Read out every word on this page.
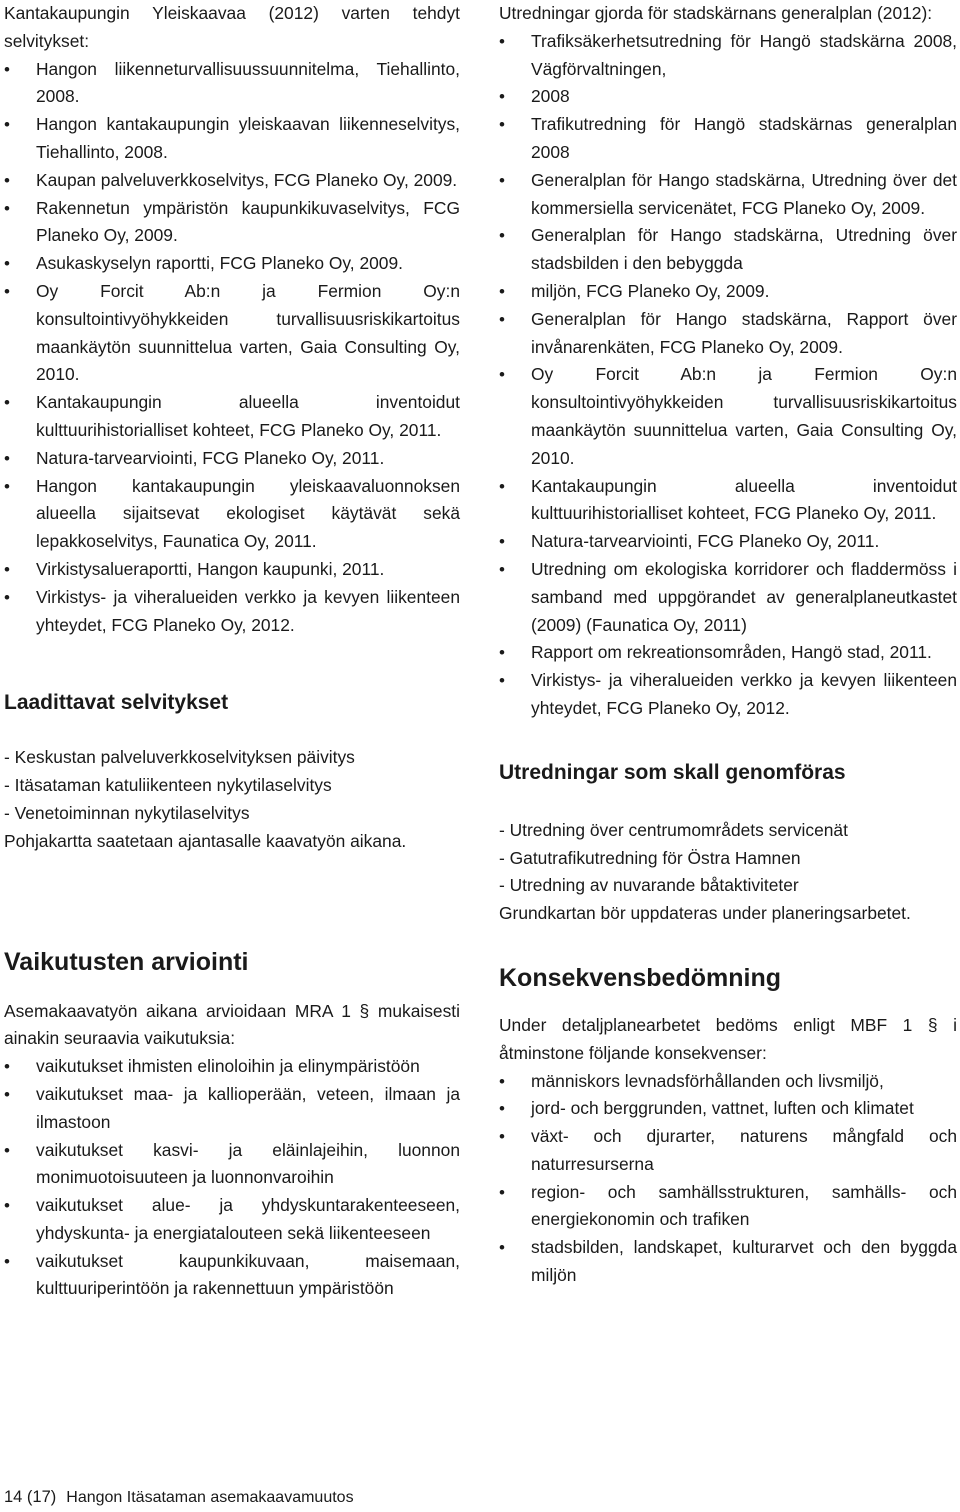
Kantakaupungin Yleiskaavaa (2012) varten tehdyt selvitykset:

• Hangon liikenneturvallisuussuunnitelma, Tiehallinto, 2008.
• Hangon kantakaupungin yleiskaavan liikenneselvitys, Tiehallinto, 2008.
• Kaupan palveluverkkoselvitys, FCG Planeko Oy, 2009.
• Rakennetun ympäristön kaupunkikuvaselvitys, FCG Planeko Oy, 2009.
• Asukaskyselyn raportti, FCG Planeko Oy, 2009.
• Oy Forcit Ab:n ja Fermion Oy:n konsultointivyöhykkeiden turvallisuusriskikartoitus maankäytön suunnittelua varten, Gaia Consulting Oy, 2010.
• Kantakaupungin alueella inventoidut kulttuurihistorialliset kohteet, FCG Planeko Oy, 2011.
• Natura-tarvearviointi, FCG Planeko Oy, 2011.
• Hangon kantakaupungin yleiskaavaluonnoksen alueella sijaitsevat ekologiset käytävät sekä lepakkoselvitys, Faunatica Oy, 2011.
• Virkistysalueraportti, Hangon kaupunki, 2011.
• Virkistys- ja viheralueiden verkko ja kevyen liikenteen yhteydet, FCG Planeko Oy, 2012.
Laadittavat selvitykset

- Keskustan palveluverkkoselvityksen päivitys

- Itäsataman katuliikenteen nykytilaselvitys

- Venetoiminnan nykytilaselvitys

Pohjakartta saatetaan ajantasalle kaavatyön aikana.

Vaikutusten arviointi

Asemakaavatyön aikana arvioidaan MRA 1 § mukaisesti ainakin seuraavia vaikutuksia:

• vaikutukset ihmisten elinoloihin ja elinympäristöön
• vaikutukset maa- ja kallioperään, veteen, ilmaan ja ilmastoon
• vaikutukset kasvi- ja eläinlajeihin, luonnon monimuotoisuuteen ja luonnonvaroihin
• vaikutukset alue- ja yhdyskuntarakenteeseen, yhdyskunta- ja energiatalouteen sekä liikenteeseen
• vaikutukset kaupunkikuvaan, maisemaan, kulttuuriperintöön ja rakennettuun ympäristöön

Utredningar gjorda för stadskärnans generalplan (2012):

• Trafiksäkerhetsutredning för Hangö stadskärna 2008, Vägförvaltningen,
• 2008
• Trafikutredning för Hangö stadskärnas generalplan 2008
• Generalplan för Hango stadskärna, Utredning över det kommersiella servicenätet, FCG Planeko Oy, 2009.
• Generalplan för Hango stadskärna, Utredning över stadsbilden i den bebyggda
• miljön, FCG Planeko Oy, 2009.
• Generalplan för Hango stadskärna, Rapport över invånarenkäten, FCG Planeko Oy, 2009.
• Oy Forcit Ab:n ja Fermion Oy:n konsultointivyöhykkeiden turvallisuusriskikartoitus maankäytön suunnittelua varten, Gaia Consulting Oy, 2010.
• Kantakaupungin alueella inventoidut kulttuurihistorialliset kohteet, FCG Planeko Oy, 2011.
• Natura-tarvearviointi, FCG Planeko Oy, 2011.
• Utredning om ekologiska korridorer och fladdermöss i samband med uppgörandet av generalplaneutkastet (2009) (Faunatica Oy, 2011)
• Rapport om rekreationsområden, Hangö stad, 2011.
• Virkistys- ja viheralueiden verkko ja kevyen liikenteen yhteydet, FCG Planeko Oy, 2012.
Utredningar som skall genomföras

- Utredning över centrumområdets servicenät

- Gatutrafikutredning för Östra Hamnen

- Utredning av nuvarande båtaktiviteter

Grundkartan bör uppdateras under planeringsarbetet.

Konsekvensbedömning

Under detaljplanearbetet bedöms enligt MBF 1 § i åtminstone följande konsekvenser:

• människors levnadsförhållanden och livsmiljö,
• jord- och berggrunden, vattnet, luften och klimatet
• växt- och djurarter, naturens mångfald och naturresurserna
• region- och samhällsstrukturen, samhälls- och energiekonomin och trafiken
• stadsbilden, landskapet, kulturarvet och den byggda miljön
14 (17) Hangon Itäsataman asemakaavamuutos
